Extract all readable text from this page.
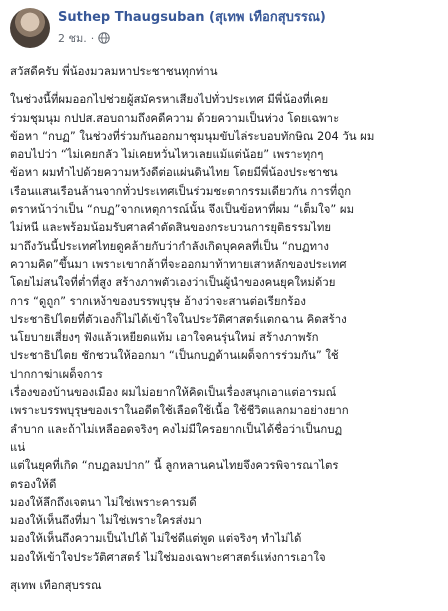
Suthep Thaugsuban (สุเทพ เทือกสุบรรณ)
2 ชม. ·

สวัสดีครับ พี่น้องมวลมหาประชาชนทุกท่าน

ในช่วงนี้ที่ผมออกไปช่วยผู้สมัครหาเสียงไปทั่วประเทศ มีพี่น้องที่เคย
ร่วมชุมนุม กปปส.สอบถามถึงคดีความ ด้วยความเป็นห่วง โดยเฉพาะ
ข้อหา “กบฏ” ในช่วงที่ร่วมกันออกมาชุมนุมขับไล่ระบอบทักษิณ 204 วัน ผม
ตอบไปว่า “ไม่เคยกลัว ไม่เคยหวั่นไหวเลยแม้แต่น้อย” เพราะทุกๆ
ข้อหา ผมทำไปด้วยความหวังดีต่อแผ่นดินไทย โดยมีพี่น้องประชาชน
เรือนแสนเรือนล้านจากทั่วประเทศเป็นร่วมชะตากรรมเดียวกัน การที่ถูก
ตราหน้าว่าเป็น “กบฏ”จากเหตุการณ์นั้น จึงเป็นข้อหาที่ผม “เต็มใจ” ผม
ไม่หนี และพร้อมน้อมรับศาลคำตัดสินของกระบวนการยุติธรรมไทย
มาถึงวันนี้ประเทศไทยดูคล้ายกับว่ากำลังเกิดบุคคลที่เป็น “กบฏทาง
ความคิด”ขึ้นมา เพราะเขากล้าที่จะออกมาท้าทายเสาหลักของประเทศ
โดยไม่สนใจที่ต่ำที่สูง สร้างภาพตัวเองว่าเป็นผู้นำของคนยุคใหม่ด้วย
การ “ดูถูก” รากเหง้าของบรรพบุรุษ อ้างว่าจะสานต่อเรียกร้อง
ประชาธิปไตยที่ตัวเองก็ไม่ได้เข้าใจในประวัติศาสตร์แตกฉาน คิดสร้าง
นโยบายเสี่ยงๆ ฟังแล้วเหยียดแท้ม เอาใจคนรุ่นใหม่ สร้างภาพรัก
ประชาธิปไตย ชักชวนให้ออกมา “เป็นกบฏด้านเผด็จการร่วมกัน” ใช้
ปากกาฆ่าเผด็จการ
เรื่องของบ้านของเมือง ผมไม่อยากให้คิดเป็นเรื่องสนุกเอาแต่อารมณ์
เพราะบรรพบุรุษของเราในอดีตใช้เลือดใช้เนื้อ ใช้ชีวิตแลกมาอย่างยาก
ลำบาก และถ้าไม่เหลืออดจริงๆ คงไม่มีใครอยากเป็นได้ชื่อว่าเป็นกบฏ
แน่
แต่ในยุคที่เกิด “กบฏลมปาก” นี้ ลูกหลานคนไทยจึงควรพิจารณาไตร
ตรองให้ดี
มองให้ลึกถึงเจตนา ไม่ใช่เพราะคารมดี
มองให้เห็นถึงที่มา ไม่ใช่เพราะใครส่งมา
มองให้เห็นถึงความเป็นไปได้ ไม่ใช่ดีแต่พูด แต่จริงๆ ทำไม่ได้
มองให้เข้าใจประวัติศาสตร์ ไม่ใช่มองเฉพาะศาสตร์แห่งการเอาใจ

สุเทพ เทือกสุบรรณ
